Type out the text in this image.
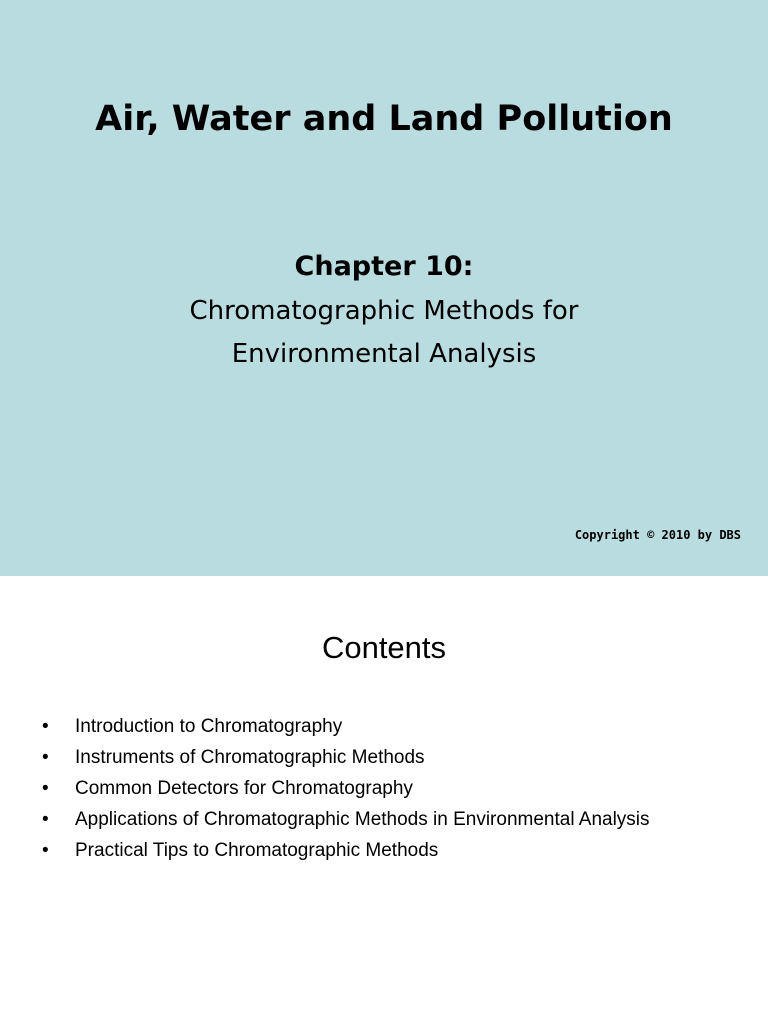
Air, Water and Land Pollution
Chapter 10:
Chromatographic Methods for
Environmental Analysis
Copyright © 2010 by DBS
Contents
• Introduction to Chromatography
• Instruments of Chromatographic Methods
• Common Detectors for Chromatography
• Applications of Chromatographic Methods in Environmental Analysis
• Practical Tips to Chromatographic Methods
